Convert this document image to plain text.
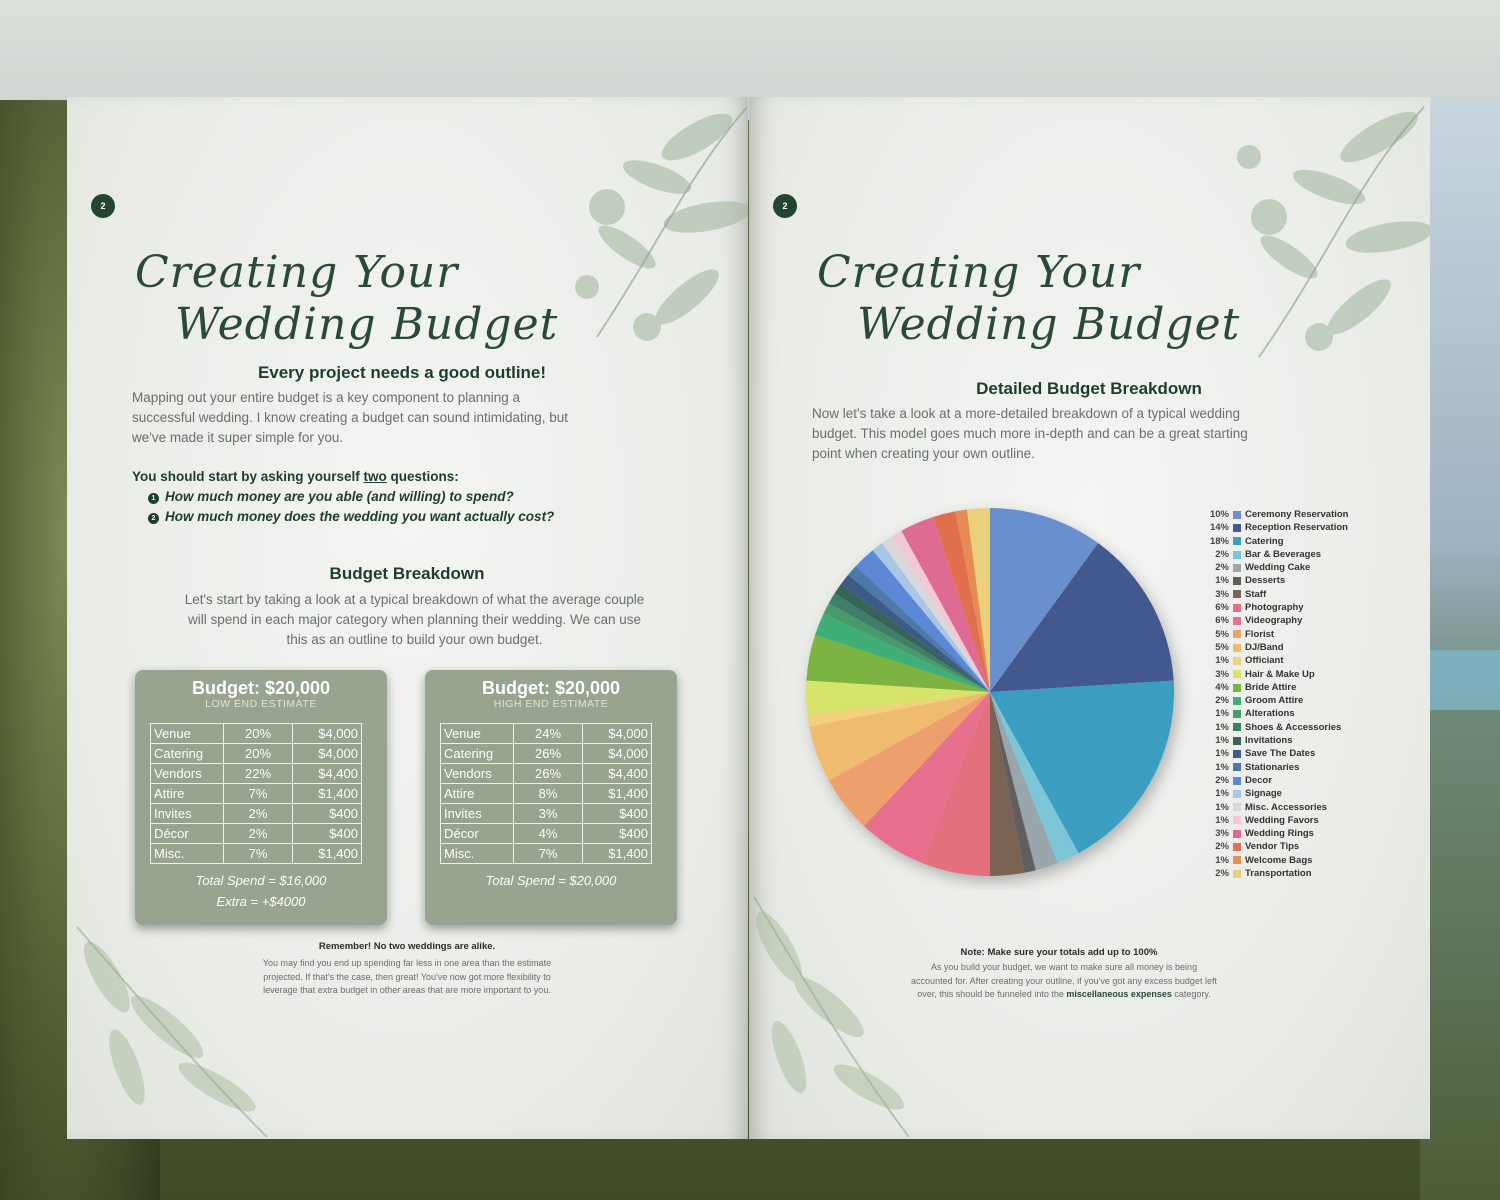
2
Creating Your
Wedding Budget
Every project needs a good outline!
Mapping out your entire budget is a key component to planning a
successful wedding. I know creating a budget can sound intimidating, but
we've made it super simple for you.
You should start by asking yourself two questions:
1 How much money are you able (and willing) to spend?
2 How much money does the wedding you want actually cost?
Budget Breakdown
Let's start by taking a look at a typical breakdown of what the average couple
will spend in each major category when planning their wedding. We can use
this as an outline to build your own budget.
Budget: $20,000
LOW END ESTIMATE
Venue	20%	$4,000
Catering	20%	$4,000
Vendors	22%	$4,400
Attire	7%	$1,400
Invites	2%	$400
Décor	2%	$400
Misc.	7%	$1,400
Total Spend = $16,000
Extra = +$4000
Budget: $20,000
HIGH END ESTIMATE
Venue	24%	$4,000
Catering	26%	$4,000
Vendors	26%	$4,400
Attire	8%	$1,400
Invites	3%	$400
Décor	4%	$400
Misc.	7%	$1,400
Total Spend = $20,000
Remember! No two weddings are alike.
You may find you end up spending far less in one area than the estimate
projected. If that's the case, then great! You've now got more flexibility to
leverage that extra budget in other areas that are more important to you.
2
Creating Your
Wedding Budget
Detailed Budget Breakdown
Now let's take a look at a more-detailed breakdown of a typical wedding
budget. This model goes much more in-depth and can be a great starting
point when creating your own outline.
Note: Make sure your totals add up to 100%
As you build your budget, we want to make sure all money is being
accounted for. After creating your outline, if you've got any excess budget left
over, this should be funneled into the miscellaneous expenses category.
10% Ceremony Reservation
14% Reception Reservation
18% Catering
2% Bar & Beverages
2% Wedding Cake
1% Desserts
3% Staff
6% Photography
6% Videography
5% Florist
5% DJ/Band
1% Officiant
3% Hair & Make Up
4% Bride Attire
2% Groom Attire
1% Alterations
1% Shoes & Accessories
1% Invitations
1% Save The Dates
1% Stationaries
2% Decor
1% Signage
1% Misc. Accessories
1% Wedding Favors
3% Wedding Rings
2% Vendor Tips
1% Welcome Bags
2% Transportation
